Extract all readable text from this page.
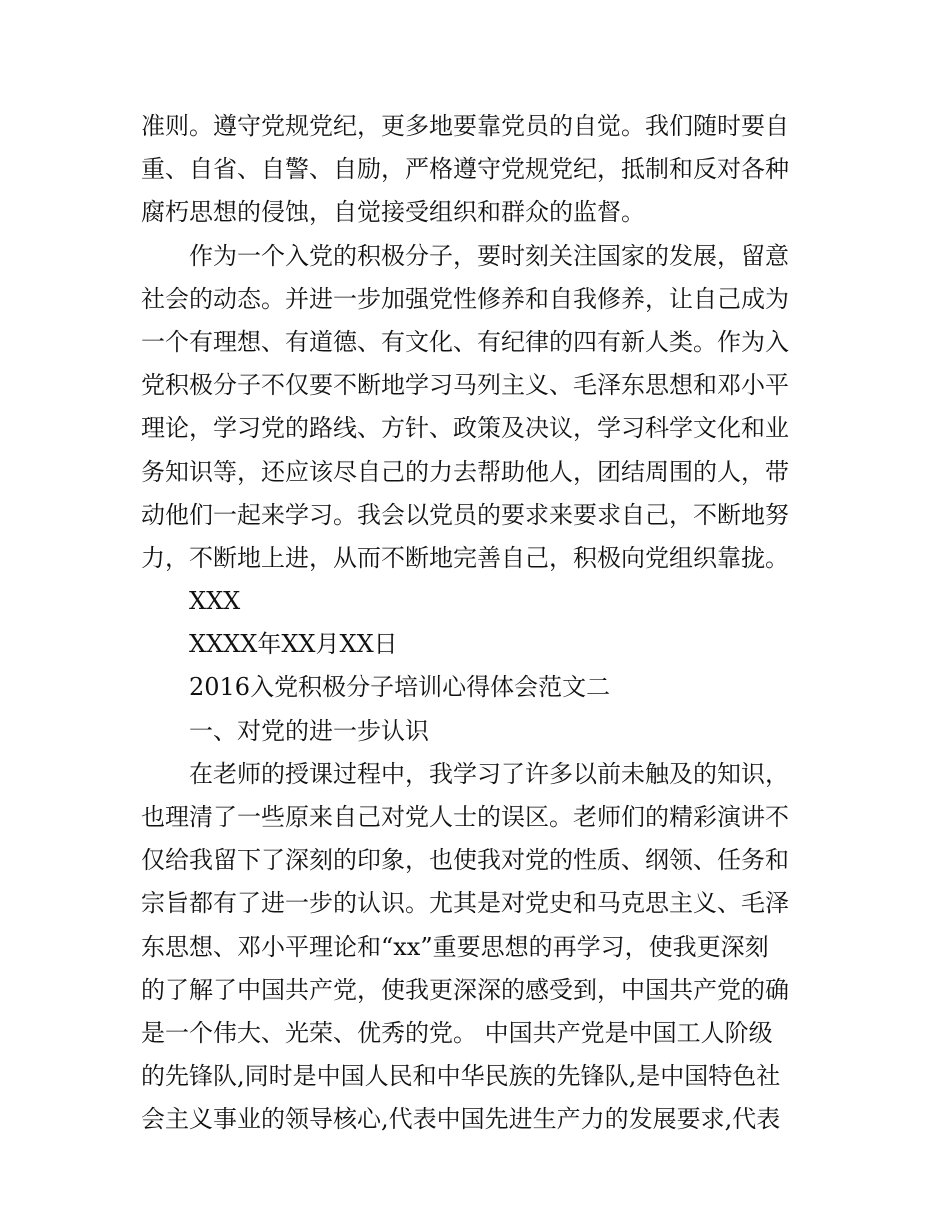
准则。遵守党规党纪，更多地要靠党员的自觉。我们随时要自
重、自省、自警、自励，严格遵守党规党纪，抵制和反对各种
腐朽思想的侵蚀，自觉接受组织和群众的监督。
作为一个入党的积极分子，要时刻关注国家的发展，留意
社会的动态。并进一步加强党性修养和自我修养，让自己成为
一个有理想、有道德、有文化、有纪律的四有新人类。作为入
党积极分子不仅要不断地学习马列主义、毛泽东思想和邓小平
理论，学习党的路线、方针、政策及决议，学习科学文化和业
务知识等，还应该尽自己的力去帮助他人，团结周围的人，带
动他们一起来学习。我会以党员的要求来要求自己，不断地努
力，不断地上进，从而不断地完善自己，积极向党组织靠拢。
XXX
XXXX年XX月XX日
2016入党积极分子培训心得体会范文二
一、对党的进一步认识
在老师的授课过程中，我学习了许多以前未触及的知识，
也理清了一些原来自己对党人士的误区。老师们的精彩演讲不
仅给我留下了深刻的印象，也使我对党的性质、纲领、任务和
宗旨都有了进一步的认识。尤其是对党史和马克思主义、毛泽
东思想、邓小平理论和“xx”重要思想的再学习，使我更深刻
的了解了中国共产党，使我更深深的感受到，中国共产党的确
是一个伟大、光荣、优秀的党。 中国共产党是中国工人阶级
的先锋队,同时是中国人民和中华民族的先锋队,是中国特色社
会主义事业的领导核心,代表中国先进生产力的发展要求,代表
